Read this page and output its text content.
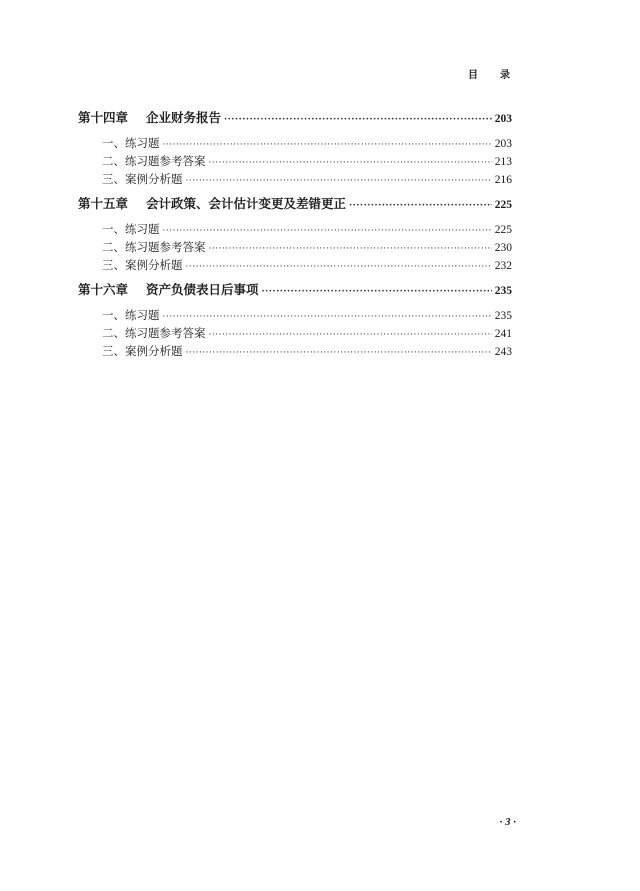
目 录
第十四章 企业财务报告 ·····	203
一、练习题 ·····	203
二、练习题参考答案 ·····	213
三、案例分析题 ·····	216
第十五章 会计政策、会计估计变更及差错更正 ·····	225
一、练习题 ·····	225
二、练习题参考答案 ·····	230
三、案例分析题 ·····	232
第十六章 资产负债表日后事项 ·····	235
一、练习题 ·····	235
二、练习题参考答案 ·····	241
三、案例分析题 ·····	243
· 3 ·
